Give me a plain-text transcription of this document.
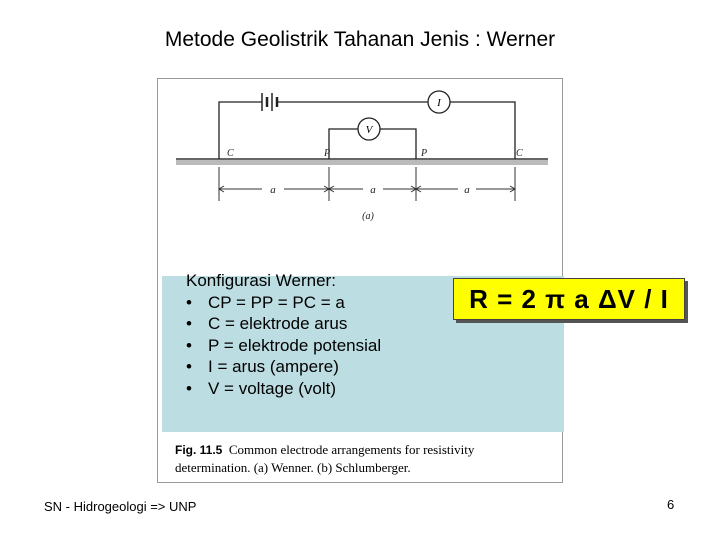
Metode Geolistrik Tahanan Jenis : Werner
I
V
C	P	P	C
a	a	a
(a)
Konfigurasi Werner:
• CP = PP = PC = a
• C = elektrode arus
• P = elektrode potensial
• I = arus (ampere)
• V = voltage (volt)
Fig. 11.5 Common electrode arrangements for resistivity
determination. (a) Wenner. (b) Schlumberger.
R = 2 π a ΔV / I
SN - Hidrogeologi => UNP	6
